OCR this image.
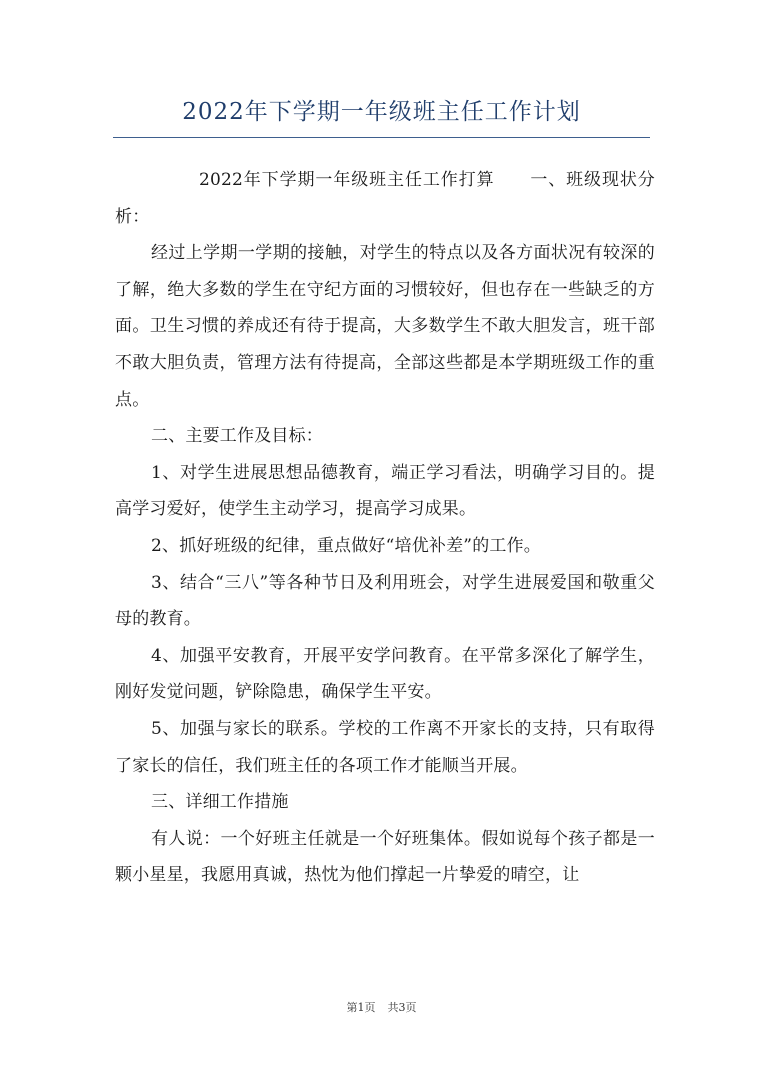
2022年下学期一年级班主任工作计划

2022年下学期一年级班主任工作打算　　一、班级现状分析：

经过上学期一学期的接触，对学生的特点以及各方面状况有较深的了解，绝大多数的学生在守纪方面的习惯较好，但也存在一些缺乏的方面。卫生习惯的养成还有待于提高，大多数学生不敢大胆发言，班干部不敢大胆负责，管理方法有待提高，全部这些都是本学期班级工作的重点。

二、主要工作及目标：

1、对学生进展思想品德教育，端正学习看法，明确学习目的。提高学习爱好，使学生主动学习，提高学习成果。

2、抓好班级的纪律，重点做好“培优补差”的工作。

3、结合“三八”等各种节日及利用班会，对学生进展爱国和敬重父母的教育。

4、加强平安教育，开展平安学问教育。在平常多深化了解学生，刚好发觉问题，铲除隐患，确保学生平安。

5、加强与家长的联系。学校的工作离不开家长的支持，只有取得了家长的信任，我们班主任的各项工作才能顺当开展。

三、详细工作措施

有人说：一个好班主任就是一个好班集体。假如说每个孩子都是一颗小星星，我愿用真诚，热忱为他们撑起一片挚爱的晴空，让

第1页 共3页
